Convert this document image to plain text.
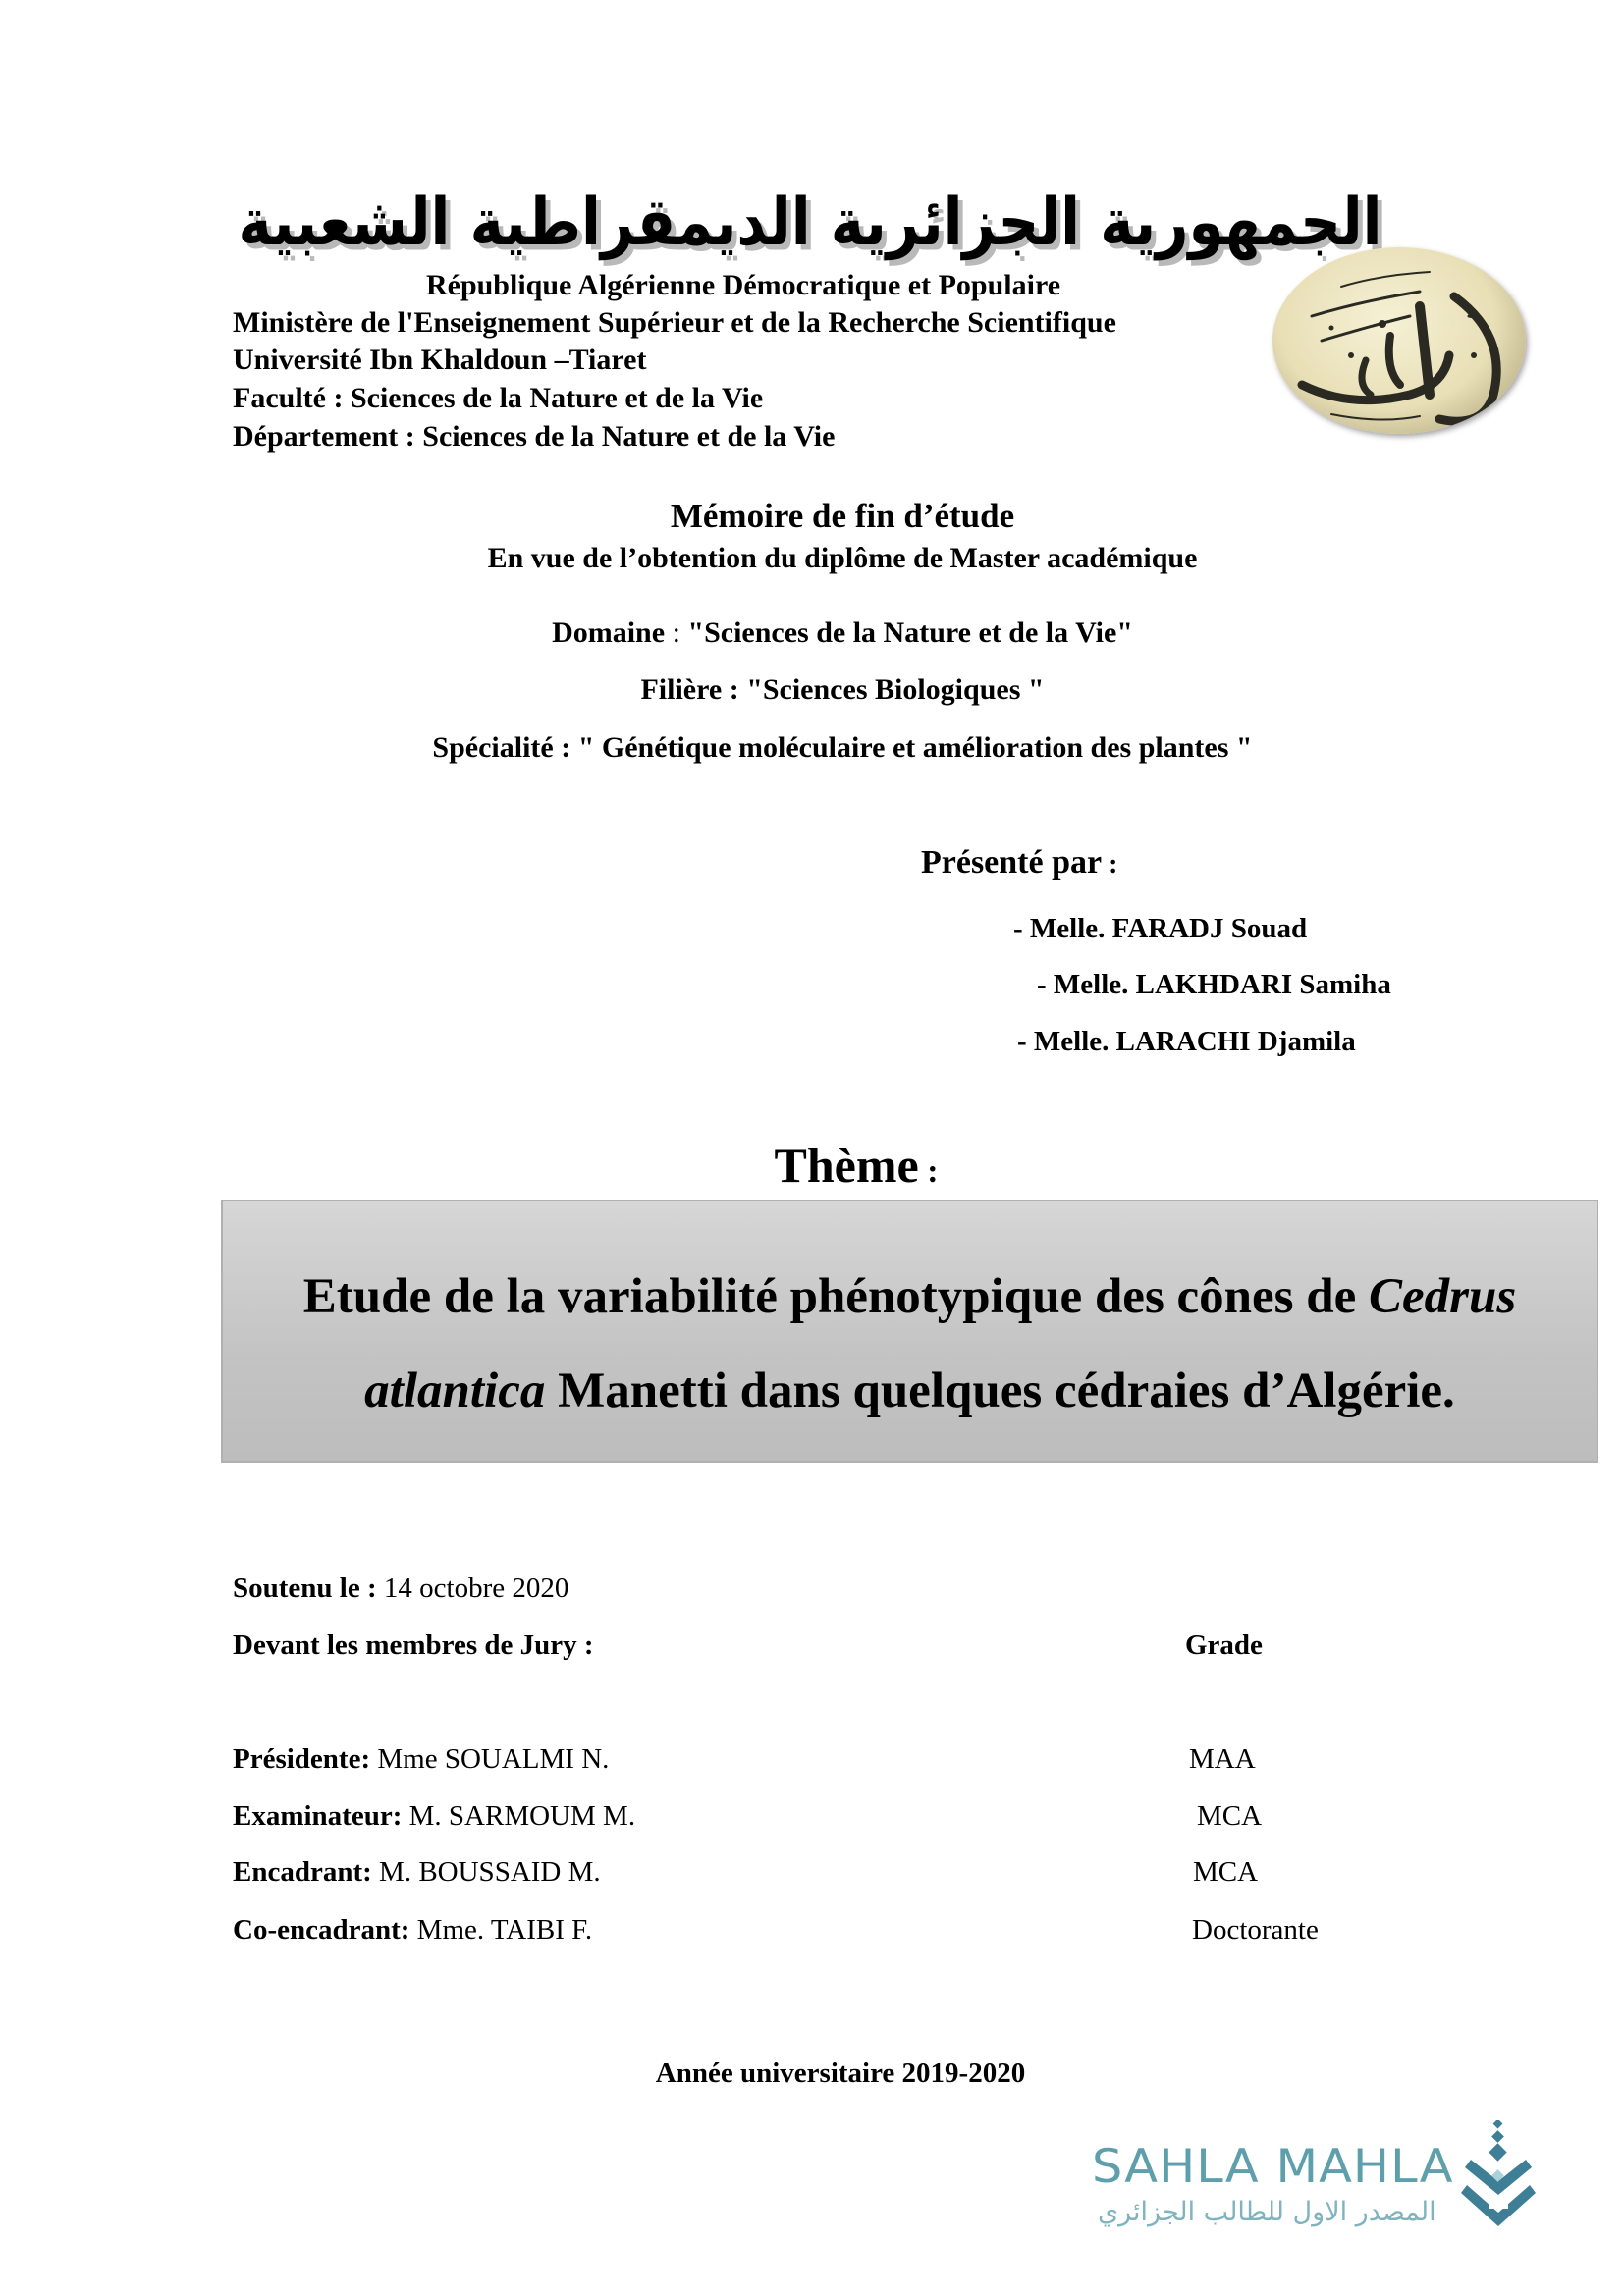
الجمهورية الجزائرية الديمقراطية الشعبية
République Algérienne Démocratique et Populaire
Ministère de l'Enseignement Supérieur et de la Recherche Scientifique
Université Ibn Khaldoun –Tiaret
Faculté : Sciences de la Nature et de la Vie
Département : Sciences de la Nature et de la Vie
Mémoire de fin d’étude
En vue de l’obtention du diplôme de Master académique
Domaine : "Sciences de la Nature et de la Vie"
Filière : "Sciences Biologiques "
Spécialité : " Génétique moléculaire et amélioration des plantes "
Présenté par :
- Melle. FARADJ Souad
- Melle. LAKHDARI Samiha
- Melle. LARACHI Djamila
Thème :
Etude de la variabilité phénotypique des cônes de Cedrus
atlantica Manetti dans quelques cédraies d’Algérie.
Soutenu le : 14 octobre 2020
Devant les membres de Jury :	Grade
Présidente: Mme SOUALMI N.	MAA
Examinateur: M. SARMOUM M.	MCA
Encadrant: M. BOUSSAID M.	MCA
Co-encadrant: Mme. TAIBI F.	Doctorante
Année universitaire 2019-2020
SAHLA MAHLA
المصدر الاول للطالب الجزائري
